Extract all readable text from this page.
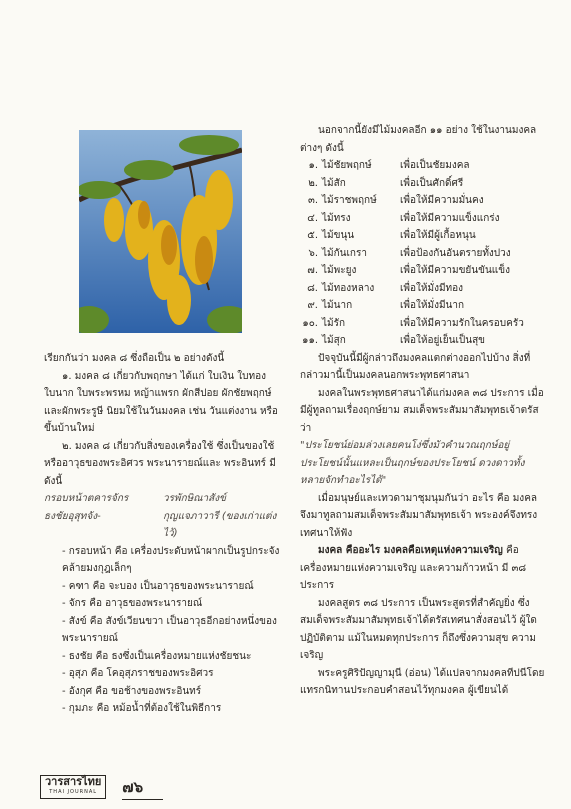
เรียกกันว่า มงคล ๘ ซึ่งถือเป็น ๒ อย่างดังนี้

๑. มงคล ๘ เกี่ยวกับพฤกษา ได้แก่ ใบเงิน ใบทอง ใบนาก ใบพระพรหม หญ้าแพรก ผักสีปอย ผักชัยพฤกษ์ และผักพระรูษี นิยมใช้ในวันมงคล เช่น วันแต่งงาน หรือขึ้นบ้านใหม่

๒. มงคล ๘ เกี่ยวกับสิ่งของเครื่องใช้ ซึ่งเป็นของใช้หรืออาวุธของพระอิศวร พระนารายณ์และ พระอินทร์ มีดังนี้

กรอบหน้าตคารจักร	วรพักษิณาสังข์
ธงชัยอุสุทจัง-	กุญแจภาวารี (ของเก่าแต่งไว้)

- กรอบหน้า คือ เครื่องประดับหน้าผากเป็นรูปกระจังคล้ายมงกุฎเล็กๆ

- คฑา คือ จะบอง เป็นอาวุธของพระนารายณ์

- จักร คือ อาวุธของพระนารายณ์

- สังข์ คือ สังข์เวียนขวา เป็นอาวุธอีกอย่างหนึ่งของพระนารายณ์

- ธงชัย คือ ธงซึ่งเป็นเครื่องหมายแห่งชัยชนะ

- อุสุภ คือ โคอุสุภราชของพระอิศวร

- อังกุศ คือ ขอช้างของพระอินทร์

- กุมภะ คือ หม้อน้ำที่ต้องใช้ในพิธีการ

นอกจากนี้ยังมีไม้มงคลอีก ๑๑ อย่าง ใช้ในงานมงคลต่างๆ ดังนี้

๑. ไม้ชัยพฤกษ์	เพื่อเป็นชัยมงคล
๒. ไม้สัก	เพื่อเป็นศักดิ์ศรี
๓. ไม้ราชพฤกษ์	เพื่อให้มีความมั่นคง
๔. ไม้ทรง	เพื่อให้มีความแข็งแกร่ง
๕. ไม้ขนุน	เพื่อให้มีผู้เกื้อหนุน
๖. ไม้กันเกรา	เพื่อป้องกันอันตรายทั้งปวง
๗. ไม้พะยูง	เพื่อให้มีความขยันขันแข็ง
๘. ไม้ทองหลาง	เพื่อให้มั่งมีทอง
๙. ไม้นาก	เพื่อให้มั่งมีนาก
๑๐. ไม้รัก	เพื่อให้มีความรักในครอบครัว
๑๑. ไม้สุก	เพื่อให้อยู่เย็นเป็นสุข

ปัจจุบันนี้มีผู้กล่าวถึงมงคลแตกต่างออกไปบ้าง สิ่งที่กล่าวมานี้เป็นมงคลนอกพระพุทธศาสนา

มงคลในพระพุทธศาสนาได้แก่มงคล ๓๘ ประการ เมื่อมีผู้ทูลถามเรื่องฤกษ์ยาม สมเด็จพระสัมมาสัมพุทธเจ้าตรัสว่า

"ประโยชน์ย่อมล่วงเลยคนโง่ซึ่งมัวคำนวณฤกษ์อยู่ ประโยชน์นั้นแหละเป็นฤกษ์ของประโยชน์ ดวงดาวทั้งหลายจักทำอะไรได้"

เมื่อมนุษย์และเทวดามาชุมนุมกันว่า อะไร คือ มงคล จึงมาทูลถามสมเด็จพระสัมมาสัมพุทธเจ้า พระองค์จึงทรงเทศนาให้ฟัง

มงคล คืออะไร มงคลคือเหตุแห่งความเจริญ คือ เครื่องหมายแห่งความเจริญ และความก้าวหน้า มี ๓๘ ประการ

มงคลสูตร ๓๘ ประการ เป็นพระสูตรที่สำคัญยิ่ง ซึ่งสมเด็จพระสัมมาสัมพุทธเจ้าได้ตรัสเทศนาสั่งสอนไว้ ผู้ใดปฏิบัติตาม แม้ในหมดทุกประการ ก็ถึงซึ่งความสุข ความเจริญ

พระครูศิริปัญญามุนี (อ่อน) ได้แปลจากมงคลทีปนีโดยแทรกนิทานประกอบคำสอนไว้ทุกมงคล ผู้เขียนได้

วารสารไทย
THAI JOURNAL ๗๖
